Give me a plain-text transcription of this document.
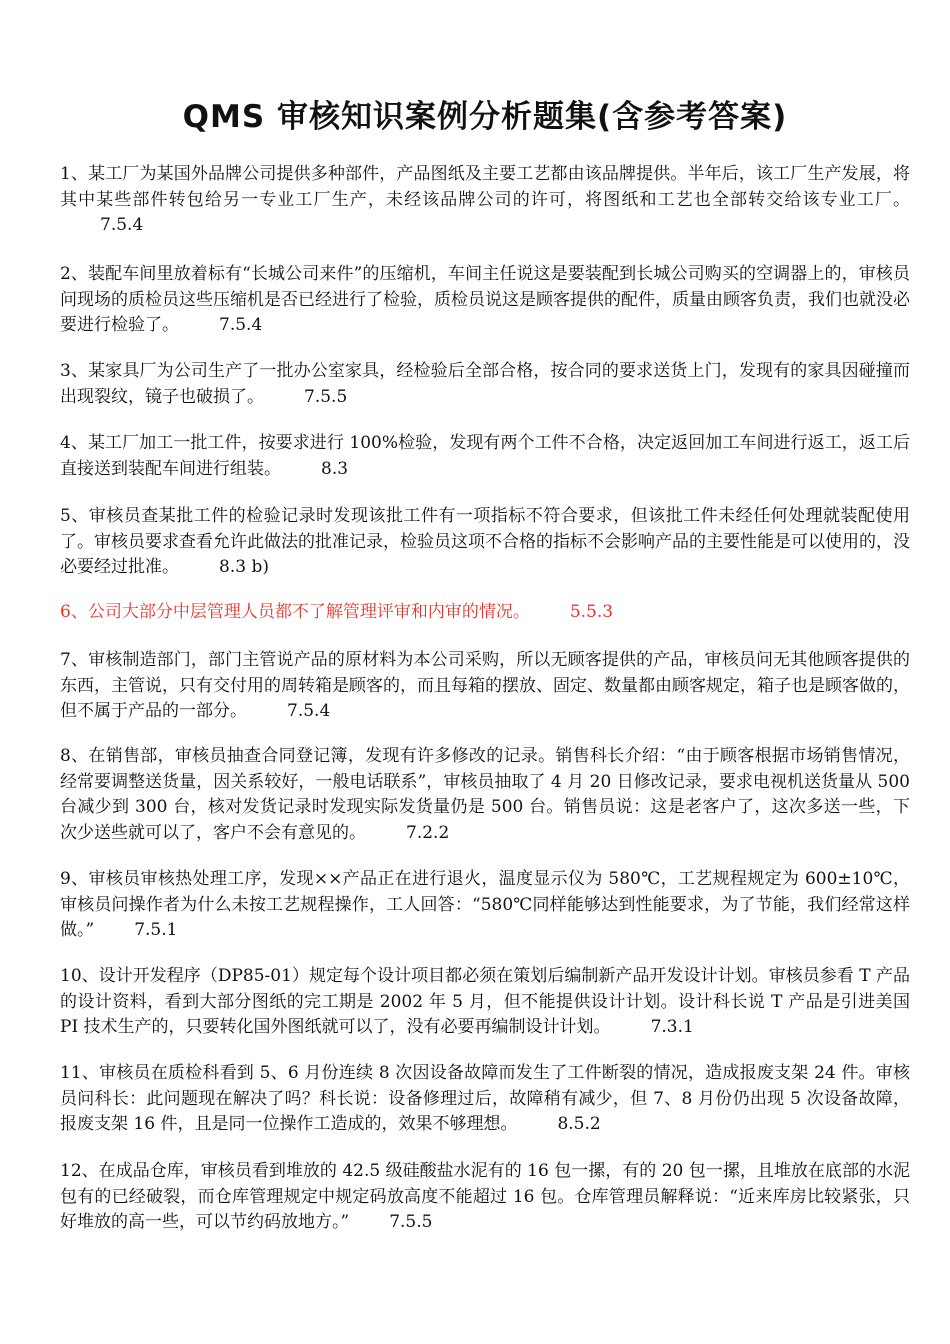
QMS 审核知识案例分析题集(含参考答案)
1、某工厂为某国外品牌公司提供多种部件，产品图纸及主要工艺都由该品牌提供。半年后，该工厂生产发展，将其中某些部件转包给另一专业工厂生产，未经该品牌公司的许可，将图纸和工艺也全部转交给该专业工厂。7.5.4
2、装配车间里放着标有“长城公司来件”的压缩机，车间主任说这是要装配到长城公司购买的空调器上的，审核员问现场的质检员这些压缩机是否已经进行了检验，质检员说这是顾客提供的配件，质量由顾客负责，我们也就没必要进行检验了。 7.5.4
3、某家具厂为公司生产了一批办公室家具，经检验后全部合格，按合同的要求送货上门，发现有的家具因碰撞而出现裂纹，镜子也破损了。 7.5.5
4、某工厂加工一批工件，按要求进行 100%检验，发现有两个工件不合格，决定返回加工车间进行返工，返工后直接送到装配车间进行组装。 8.3
5、审核员查某批工件的检验记录时发现该批工件有一项指标不符合要求，但该批工件未经任何处理就装配使用了。审核员要求查看允许此做法的批准记录，检验员这项不合格的指标不会影响产品的主要性能是可以使用的，没必要经过批准。 8.3 b)
6、公司大部分中层管理人员都不了解管理评审和内审的情况。 5.5.3
7、审核制造部门，部门主管说产品的原材料为本公司采购，所以无顾客提供的产品，审核员问无其他顾客提供的东西，主管说，只有交付用的周转箱是顾客的，而且每箱的摆放、固定、数量都由顾客规定，箱子也是顾客做的，但不属于产品的一部分。 7.5.4
8、在销售部，审核员抽查合同登记簿，发现有许多修改的记录。销售科长介绍：“由于顾客根据市场销售情况，经常要调整送货量，因关系较好，一般电话联系”，审核员抽取了 4 月 20 日修改记录，要求电视机送货量从 500 台减少到 300 台，核对发货记录时发现实际发货量仍是 500 台。销售员说：这是老客户了，这次多送一些，下次少送些就可以了，客户不会有意见的。 7.2.2
9、审核员审核热处理工序，发现××产品正在进行退火，温度显示仪为 580℃，工艺规程规定为 600±10℃，审核员问操作者为什么未按工艺规程操作，工人回答：“580℃同样能够达到性能要求，为了节能，我们经常这样做。” 7.5.1
10、设计开发程序（DP85-01）规定每个设计项目都必须在策划后编制新产品开发设计计划。审核员参看 T 产品的设计资料，看到大部分图纸的完工期是 2002 年 5 月，但不能提供设计计划。设计科长说 T 产品是引进美国 PI 技术生产的，只要转化国外图纸就可以了，没有必要再编制设计计划。 7.3.1
11、审核员在质检科看到 5、6 月份连续 8 次因设备故障而发生了工件断裂的情况，造成报废支架 24 件。审核员问科长：此问题现在解决了吗？科长说：设备修理过后，故障稍有减少，但 7、8 月份仍出现 5 次设备故障，报废支架 16 件，且是同一位操作工造成的，效果不够理想。 8.5.2
12、在成品仓库，审核员看到堆放的 42.5 级硅酸盐水泥有的 16 包一摞，有的 20 包一摞，且堆放在底部的水泥包有的已经破裂，而仓库管理规定中规定码放高度不能超过 16 包。仓库管理员解释说：“近来库房比较紧张，只好堆放的高一些，可以节约码放地方。” 7.5.5
